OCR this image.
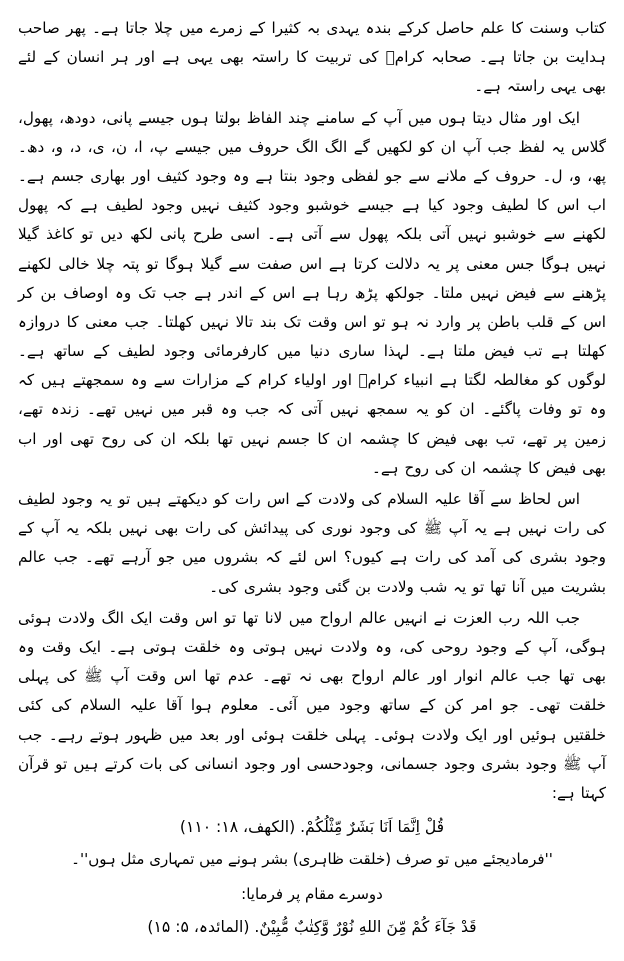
کتاب وسنت کا علم حاصل کرکے بندہ یہدی بہ کثیرا کے زمرے میں چلا جاتا ہے۔ پھر صاحب ہدایت بن جاتا ہے۔ صحابہ کرامؓ کی تربیت کا راستہ بھی یہی ہے اور ہر انسان کے لئے بھی یہی راستہ ہے۔

ایک اور مثال دیتا ہوں میں آپ کے سامنے چند الفاظ بولتا ہوں جیسے پانی، دودھ، پھول، گلاس یہ لفظ جب آپ ان کو لکھیں گے الگ الگ حروف میں جیسے پ، ا، ن، ی، د، و، دھ۔ پھ، و، ل۔ حروف کے ملانے سے جو لفظی وجود بنتا ہے وہ وجود کثیف اور بھاری جسم ہے۔ اب اس کا لطیف وجود کیا ہے جیسے خوشبو وجود کثیف نہیں وجود لطیف ہے کہ پھول لکھنے سے خوشبو نہیں آتی بلکہ پھول سے آتی ہے۔ اسی طرح پانی لکھ دیں تو کاغذ گیلا نہیں ہوگا جس معنی پر یہ دلالت کرتا ہے اس صفت سے گیلا ہوگا تو پتہ چلا خالی لکھنے پڑھنے سے فیض نہیں ملتا۔ جولکھ پڑھ رہا ہے اس کے اندر ہے جب تک وہ اوصاف بن کر اس کے قلب باطن پر وارد نہ ہو تو اس وقت تک بند تالا نہیں کھلتا۔ جب معنی کا دروازہ کھلتا ہے تب فیض ملتا ہے۔ لہذا ساری دنیا میں کارفرمائی وجود لطیف کے ساتھ ہے۔ لوگوں کو مغالطہ لگتا ہے انبیاء کرامؑ اور اولیاء کرام کے مزارات سے وہ سمجھتے ہیں کہ وہ تو وفات پاگئے۔ ان کو یہ سمجھ نہیں آتی کہ جب وہ قبر میں نہیں تھے۔ زندہ تھے، زمین پر تھے، تب بھی فیض کا چشمہ ان کا جسم نہیں تھا بلکہ ان کی روح تھی اور اب بھی فیض کا چشمہ ان کی روح ہے۔

اس لحاظ سے آقا علیہ السلام کی ولادت کے اس رات کو دیکھتے ہیں تو یہ وجود لطیف کی رات نہیں ہے یہ آپ ﷺ کی وجود نوری کی پیدائش کی رات بھی نہیں بلکہ یہ آپ کے وجود بشری کی آمد کی رات ہے کیوں؟ اس لئے کہ بشروں میں جو آرہے تھے۔ جب عالم بشریت میں آنا تھا تو یہ شب ولادت بن گئی وجود بشری کی۔

جب اللہ رب العزت نے انہیں عالم ارواح میں لانا تھا تو اس وقت ایک الگ ولادت ہوئی ہوگی، آپ کے وجود روحی کی، وہ ولادت نہیں ہوتی وہ خلقت ہوتی ہے۔ ایک وقت وہ بھی تھا جب عالم انوار اور عالم ارواح بھی نہ تھے۔ عدم تھا اس وقت آپ ﷺ کی پہلی خلقت تھی۔ جو امر کن کے ساتھ وجود میں آئی۔ معلوم ہوا آقا علیہ السلام کی کئی خلقتیں ہوئیں اور ایک ولادت ہوئی۔ پہلی خلقت ہوئی اور بعد میں ظہور ہوتے رہے۔ جب آپ ﷺ وجود بشری وجود جسمانی، وجودحسی اور وجود انسانی کی بات کرتے ہیں تو قرآن کہتا ہے:

قُلْ اِنَّمَا اَنَا بَشَرٌ مِّثْلُکُمْ. (الکھف، ۱۸: ۱۱۰)

''فرمادیجئے میں تو صرف (خلقت ظاہری) بشر ہونے میں تمہاری مثل ہوں''۔

دوسرے مقام پر فرمایا:

قَدْ جَآءَ کُمْ مِّنَ اللهِ نُوْرٌ وَّکِتٰبٌ مُّبِیْنٌ. (المائدہ، ۵: ۱۵)
